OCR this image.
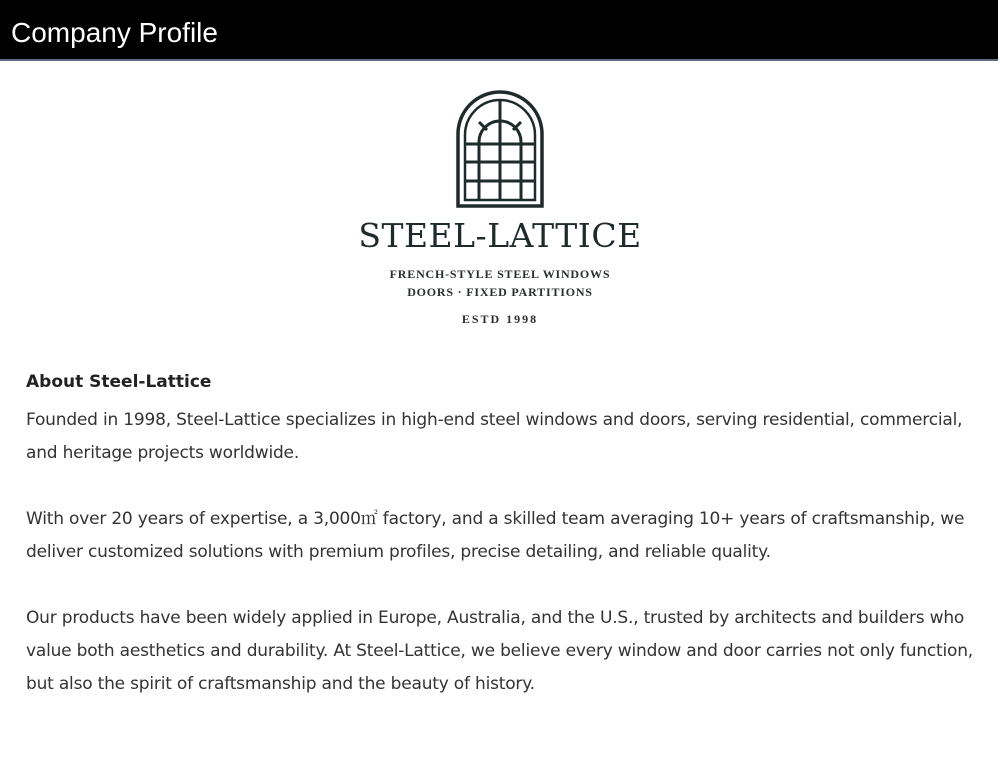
Company Profile
STEEL-LATTICE
FRENCH-STYLE STEEL WINDOWS
DOORS · FIXED PARTITIONS
ESTD 1998
About Steel-Lattice

Founded in 1998, Steel-Lattice specializes in high-end steel windows and doors, serving residential, commercial, and heritage projects worldwide.

With over 20 years of expertise, a 3,000㎡ factory, and a skilled team averaging 10+ years of craftsmanship, we deliver customized solutions with premium profiles, precise detailing, and reliable quality.

Our products have been widely applied in Europe, Australia, and the U.S., trusted by architects and builders who value both aesthetics and durability. At Steel-Lattice, we believe every window and door carries not only function, but also the spirit of craftsmanship and the beauty of history.
